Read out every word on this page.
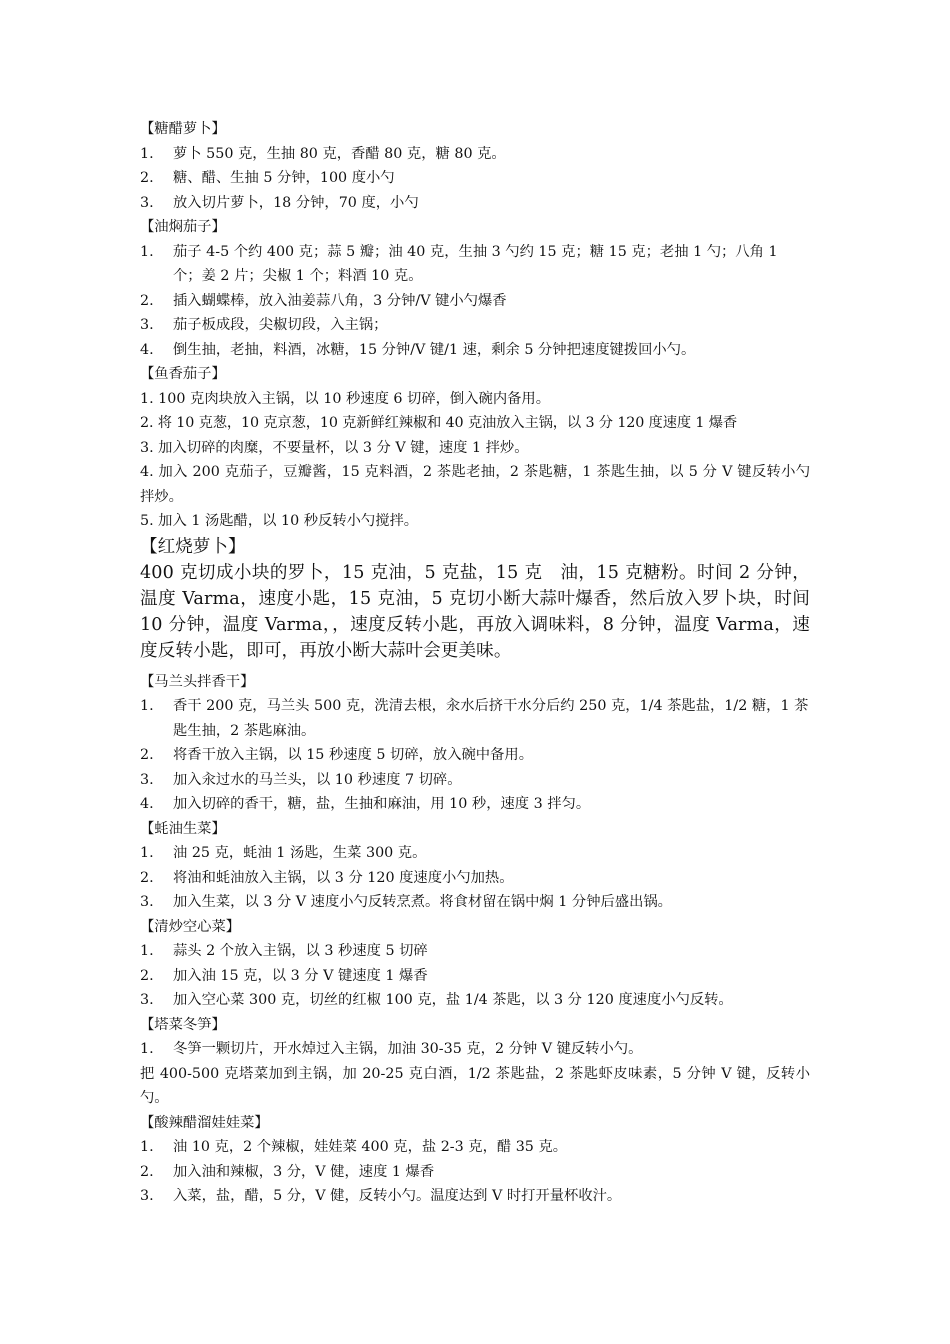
【糖醋萝卜】
1. 萝卜 550 克，生抽 80 克，香醋 80 克，糖 80 克。
2. 糖、醋、生抽 5 分钟，100 度小勺
3. 放入切片萝卜，18 分钟，70 度，小勺
【油焖茄子】
1. 茄子 4-5 个约 400 克；蒜 5 瓣；油 40 克，生抽 3 勺约 15 克；糖 15 克；老抽 1 勺；八角 1 个；姜 2 片；尖椒 1 个；料酒 10 克。
2. 插入蝴蝶棒，放入油姜蒜八角，3 分钟/V 键小勺爆香
3. 茄子板成段，尖椒切段，入主锅；
4. 倒生抽，老抽，料酒，冰糖，15 分钟/V 键/1 速，剩余 5 分钟把速度键拨回小勺。
【鱼香茄子】
1. 100 克肉块放入主锅，以 10 秒速度 6 切碎，倒入碗内备用。
2. 将 10 克葱，10 克京葱，10 克新鲜红辣椒和 40 克油放入主锅，以 3 分 120 度速度 1 爆香
3. 加入切碎的肉糜，不要量杯，以 3 分 V 键，速度 1 拌炒。
4. 加入 200 克茄子，豆瓣酱，15 克料酒，2 茶匙老抽，2 茶匙糖，1 茶匙生抽，以 5 分 V 键反转小勺拌炒。
5. 加入 1 汤匙醋，以 10 秒反转小勺搅拌。
【红烧萝卜】
400 克切成小块的罗卜，15 克油，5 克盐，15 克　油，15 克糖粉。时间 2 分钟，温度 Varma，速度小匙，15 克油，5 克切小断大蒜叶爆香，然后放入罗卜块，时间 10 分钟，温度 Varma，，速度反转小匙，再放入调味料，8 分钟，温度 Varma，速度反转小匙，即可，再放小断大蒜叶会更美味。
【马兰头拌香干】
1. 香干 200 克，马兰头 500 克，洗清去根，汆水后挤干水分后约 250 克，1/4 茶匙盐，1/2 糖，1 茶匙生抽，2 茶匙麻油。
2. 将香干放入主锅，以 15 秒速度 5 切碎，放入碗中备用。
3. 加入汆过水的马兰头，以 10 秒速度 7 切碎。
4. 加入切碎的香干，糖，盐，生抽和麻油，用 10 秒，速度 3 拌匀。
【蚝油生菜】
1. 油 25 克，蚝油 1 汤匙，生菜 300 克。
2. 将油和蚝油放入主锅，以 3 分 120 度速度小勺加热。
3. 加入生菜，以 3 分 V 速度小勺反转烹煮。将食材留在锅中焖 1 分钟后盛出锅。
【清炒空心菜】
1. 蒜头 2 个放入主锅，以 3 秒速度 5 切碎
2. 加入油 15 克，以 3 分 V 键速度 1 爆香
3. 加入空心菜 300 克，切丝的红椒 100 克，盐 1/4 茶匙，以 3 分 120 度速度小勺反转。
【塔菜冬笋】
1. 冬笋一颗切片，开水焯过入主锅，加油 30-35 克，2 分钟 V 键反转小勺。
把 400-500 克塔菜加到主锅，加 20-25 克白酒，1/2 茶匙盐，2 茶匙虾皮味素，5 分钟 V 键，反转小勺。
【酸辣醋溜娃娃菜】
1. 油 10 克，2 个辣椒，娃娃菜 400 克，盐 2-3 克，醋 35 克。
2. 加入油和辣椒，3 分，V 健，速度 1 爆香
3. 入菜，盐，醋，5 分，V 健，反转小勺。温度达到 V 时打开量杯收汁。
